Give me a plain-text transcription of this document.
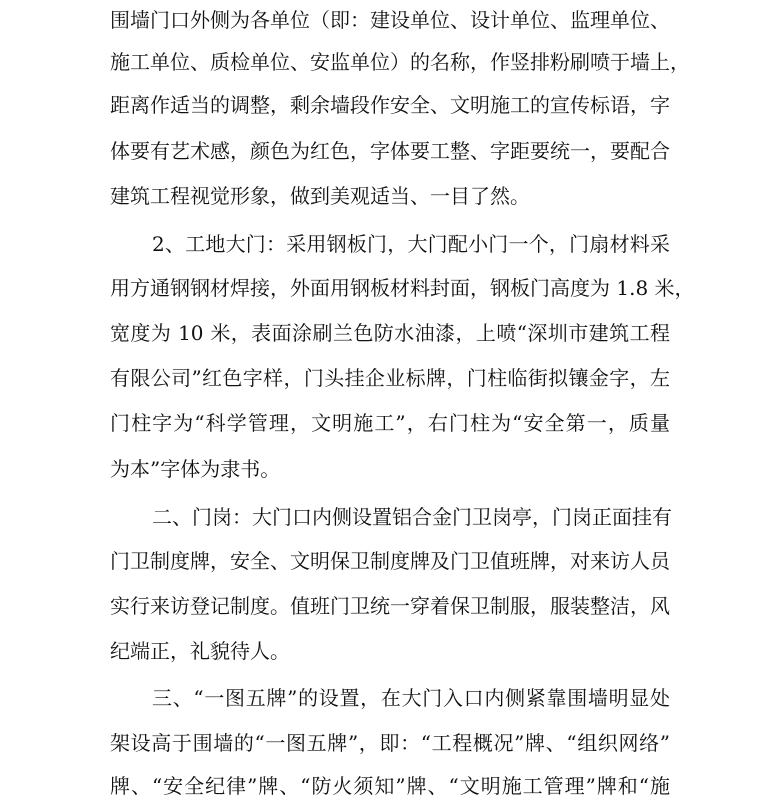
围墙门口外侧为各单位（即：建设单位、设计单位、监理单位、
施工单位、质检单位、安监单位）的名称，作竖排粉刷喷于墙上，
距离作适当的调整，剩余墙段作安全、文明施工的宣传标语，字
体要有艺术感，颜色为红色，字体要工整、字距要统一，要配合
建筑工程视觉形象，做到美观适当、一目了然。
2、工地大门：采用钢板门，大门配小门一个，门扇材料采
用方通钢钢材焊接，外面用钢板材料封面，钢板门高度为 1.8 米，
宽度为 10 米，表面涂刷兰色防水油漆，上喷“深圳市建筑工程
有限公司”红色字样，门头挂企业标牌，门柱临街拟镶金字，左
门柱字为“科学管理，文明施工”，右门柱为“安全第一，质量
为本”字体为隶书。
二、门岗：大门口内侧设置铝合金门卫岗亭，门岗正面挂有
门卫制度牌，安全、文明保卫制度牌及门卫值班牌，对来访人员
实行来访登记制度。值班门卫统一穿着保卫制服，服装整洁，风
纪端正，礼貌待人。
三、“一图五牌”的设置，在大门入口内侧紧靠围墙明显处
架设高于围墙的“一图五牌”，即：“工程概况”牌、“组织网络”
牌、“安全纪律”牌、“防火须知”牌、“文明施工管理”牌和“施
